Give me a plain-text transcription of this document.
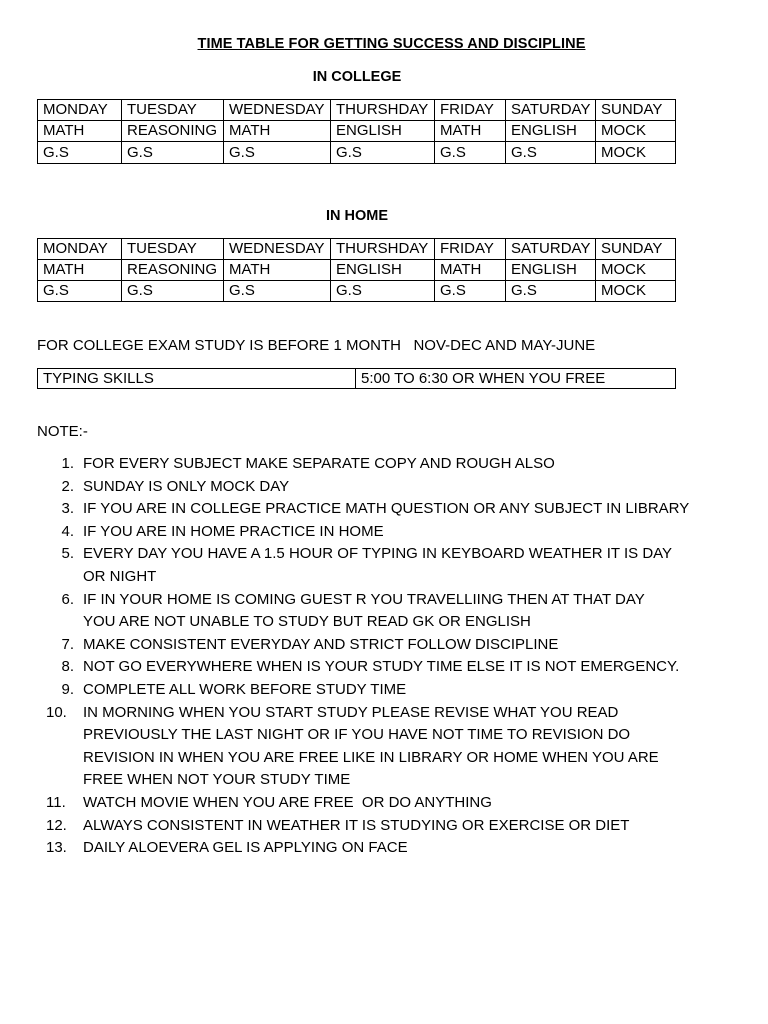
TIME TABLE FOR GETTING SUCCESS AND DISCIPLINE
IN COLLEGE
MONDAY	TUESDAY	WEDNESDAY	THURSHDAY	FRIDAY	SATURDAY	SUNDAY
MATH	REASONING	MATH	ENGLISH	MATH	ENGLISH	MOCK
G.S	G.S	G.S	G.S	G.S	G.S	MOCK
IN HOME
MONDAY	TUESDAY	WEDNESDAY	THURSHDAY	FRIDAY	SATURDAY	SUNDAY
MATH	REASONING	MATH	ENGLISH	MATH	ENGLISH	MOCK
G.S	G.S	G.S	G.S	G.S	G.S	MOCK
FOR COLLEGE EXAM STUDY IS BEFORE 1 MONTH   NOV-DEC AND MAY-JUNE
TYPING SKILLS	5:00 TO 6:30 OR WHEN YOU FREE
NOTE:-
1. FOR EVERY SUBJECT MAKE SEPARATE COPY AND ROUGH ALSO
2. SUNDAY IS ONLY MOCK DAY
3. IF YOU ARE IN COLLEGE PRACTICE MATH QUESTION OR ANY SUBJECT IN LIBRARY
4. IF YOU ARE IN HOME PRACTICE IN HOME
5. EVERY DAY YOU HAVE A 1.5 HOUR OF TYPING IN KEYBOARD WEATHER IT IS DAY
OR NIGHT
6. IF IN YOUR HOME IS COMING GUEST R YOU TRAVELLIING THEN AT THAT DAY
YOU ARE NOT UNABLE TO STUDY BUT READ GK OR ENGLISH
7. MAKE CONSISTENT EVERYDAY AND STRICT FOLLOW DISCIPLINE
8. NOT GO EVERYWHERE WHEN IS YOUR STUDY TIME ELSE IT IS NOT EMERGENCY.
9. COMPLETE ALL WORK BEFORE STUDY TIME
10.	IN MORNING WHEN YOU START STUDY PLEASE REVISE WHAT YOU READ
PREVIOUSLY THE LAST NIGHT OR IF YOU HAVE NOT TIME TO REVISION DO
REVISION IN WHEN YOU ARE FREE LIKE IN LIBRARY OR HOME WHEN YOU ARE
FREE WHEN NOT YOUR STUDY TIME
11.	WATCH MOVIE WHEN YOU ARE FREE  OR DO ANYTHING
12.	ALWAYS CONSISTENT IN WEATHER IT IS STUDYING OR EXERCISE OR DIET
13.	DAILY ALOEVERA GEL IS APPLYING ON FACE
